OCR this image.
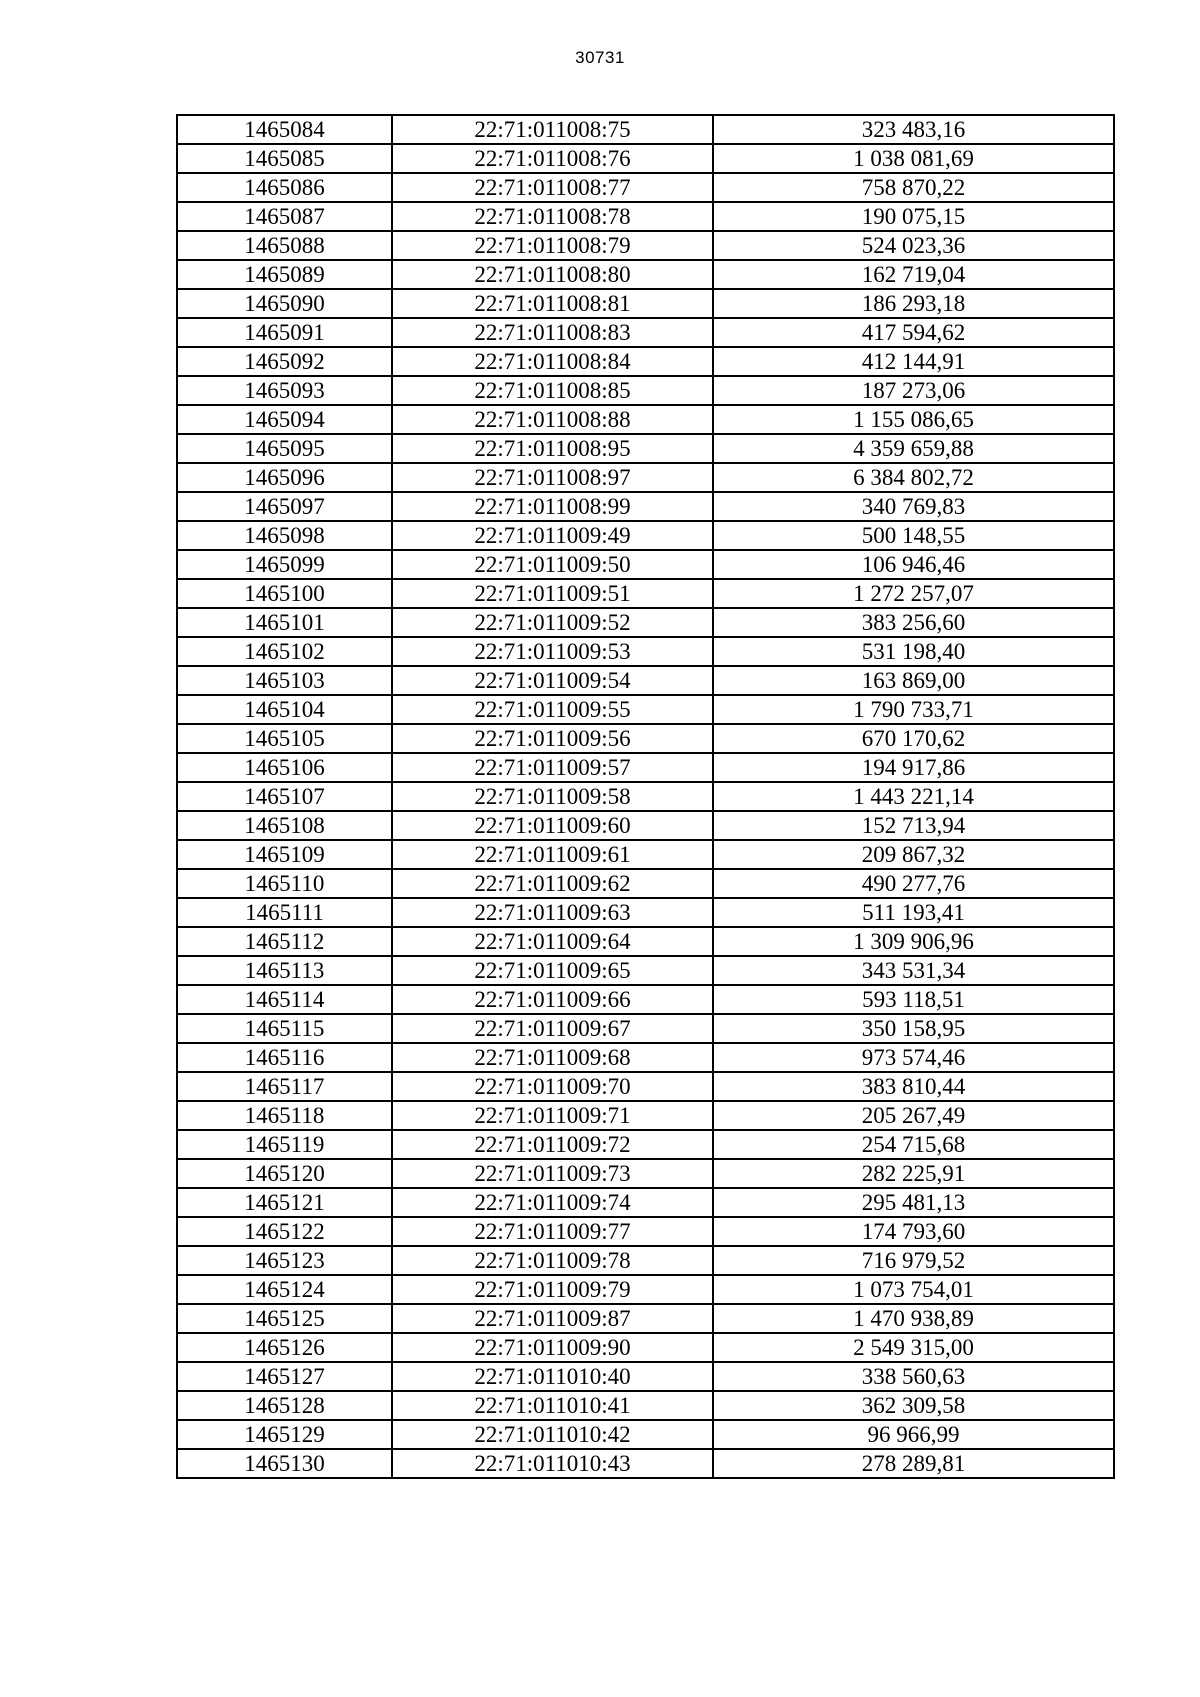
30731
1465084	22:71:011008:75	323 483,16
1465085	22:71:011008:76	1 038 081,69
1465086	22:71:011008:77	758 870,22
1465087	22:71:011008:78	190 075,15
1465088	22:71:011008:79	524 023,36
1465089	22:71:011008:80	162 719,04
1465090	22:71:011008:81	186 293,18
1465091	22:71:011008:83	417 594,62
1465092	22:71:011008:84	412 144,91
1465093	22:71:011008:85	187 273,06
1465094	22:71:011008:88	1 155 086,65
1465095	22:71:011008:95	4 359 659,88
1465096	22:71:011008:97	6 384 802,72
1465097	22:71:011008:99	340 769,83
1465098	22:71:011009:49	500 148,55
1465099	22:71:011009:50	106 946,46
1465100	22:71:011009:51	1 272 257,07
1465101	22:71:011009:52	383 256,60
1465102	22:71:011009:53	531 198,40
1465103	22:71:011009:54	163 869,00
1465104	22:71:011009:55	1 790 733,71
1465105	22:71:011009:56	670 170,62
1465106	22:71:011009:57	194 917,86
1465107	22:71:011009:58	1 443 221,14
1465108	22:71:011009:60	152 713,94
1465109	22:71:011009:61	209 867,32
1465110	22:71:011009:62	490 277,76
1465111	22:71:011009:63	511 193,41
1465112	22:71:011009:64	1 309 906,96
1465113	22:71:011009:65	343 531,34
1465114	22:71:011009:66	593 118,51
1465115	22:71:011009:67	350 158,95
1465116	22:71:011009:68	973 574,46
1465117	22:71:011009:70	383 810,44
1465118	22:71:011009:71	205 267,49
1465119	22:71:011009:72	254 715,68
1465120	22:71:011009:73	282 225,91
1465121	22:71:011009:74	295 481,13
1465122	22:71:011009:77	174 793,60
1465123	22:71:011009:78	716 979,52
1465124	22:71:011009:79	1 073 754,01
1465125	22:71:011009:87	1 470 938,89
1465126	22:71:011009:90	2 549 315,00
1465127	22:71:011010:40	338 560,63
1465128	22:71:011010:41	362 309,58
1465129	22:71:011010:42	96 966,99
1465130	22:71:011010:43	278 289,81
